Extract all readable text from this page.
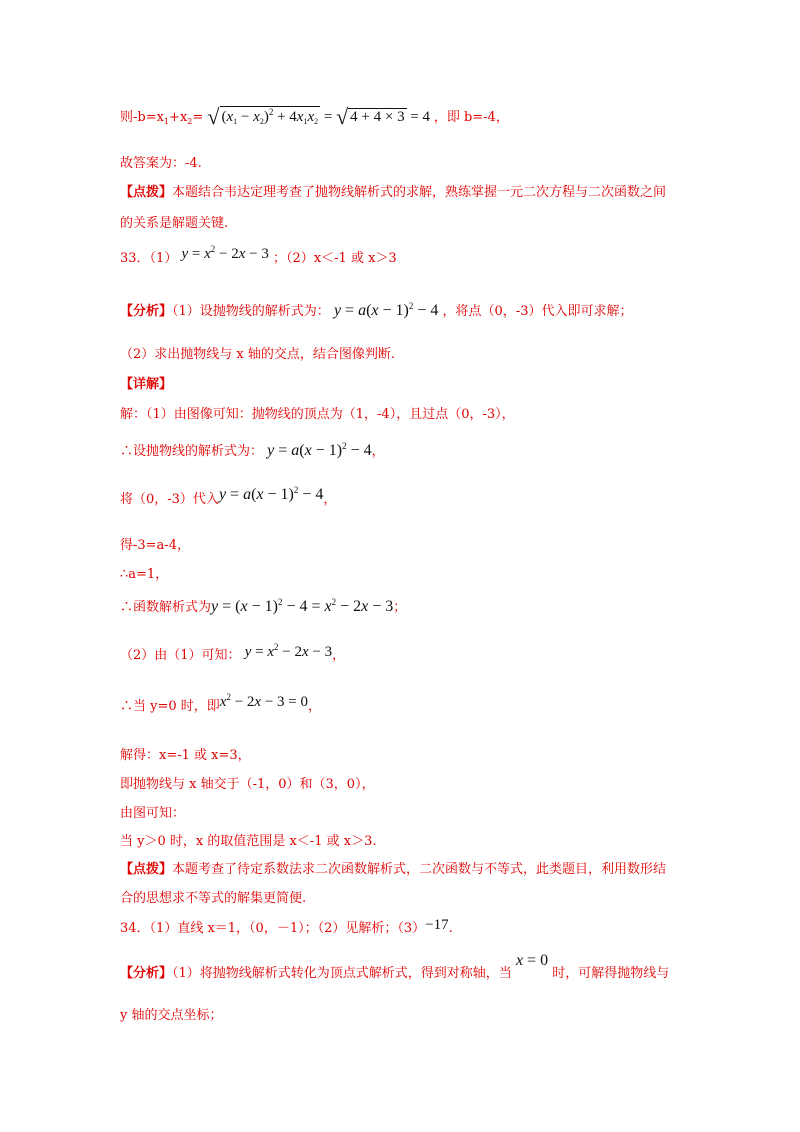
则$-b=x_1+x_2=$ √ $(x_1 - x_2)^2 + 4x_1x_2$ = √ 4 + 4 × 3 = 4 ，即 b=-4，
故答案为：-4.
【点拨】本题结合韦达定理考查了抛物线解析式的求解，熟练掌握一元二次方程与二次函数之间
的关系是解题关键.
33．（1） $y = x^2 - 2x - 3$ ；（2）x＜-1 或 x＞3
【分析】（1）设抛物线的解析式为： $y = a(x - 1)^2 - 4$ ，将点（0，-3）代入即可求解；
（2）求出抛物线与 x 轴的交点，结合图像判断.
【详解】
解：（1）由图像可知：抛物线的顶点为（1，-4），且过点（0，-3），
∴设抛物线的解析式为： $y = a(x - 1)^2 - 4$，
将（0，-3）代入$y = a(x - 1)^2 - 4$，
得-3=a-4，
∴a=1，
∴函数解析式为$y = (x - 1)^2 - 4 = x^2 - 2x - 3$；
（2）由（1）可知： $y = x^2 - 2x - 3$，
∴当 y=0 时，即$x^2 - 2x - 3 = 0$，
解得：x=-1 或 x=3，
即抛物线与 x 轴交于（-1，0）和（3，0），
由图可知：
当 y＞0 时，x 的取值范围是 x＜-1 或 x＞3.
【点拨】本题考查了待定系数法求二次函数解析式，二次函数与不等式，此类题目，利用数形结
合的思想求不等式的解集更简便.
34．（1）直线 x＝1，（0，－1）；（2）见解析；（3）−17.
【分析】（1）将抛物线解析式转化为顶点式解析式，得到对称轴，当 x = 0 时，可解得抛物线与
y 轴的交点坐标；
